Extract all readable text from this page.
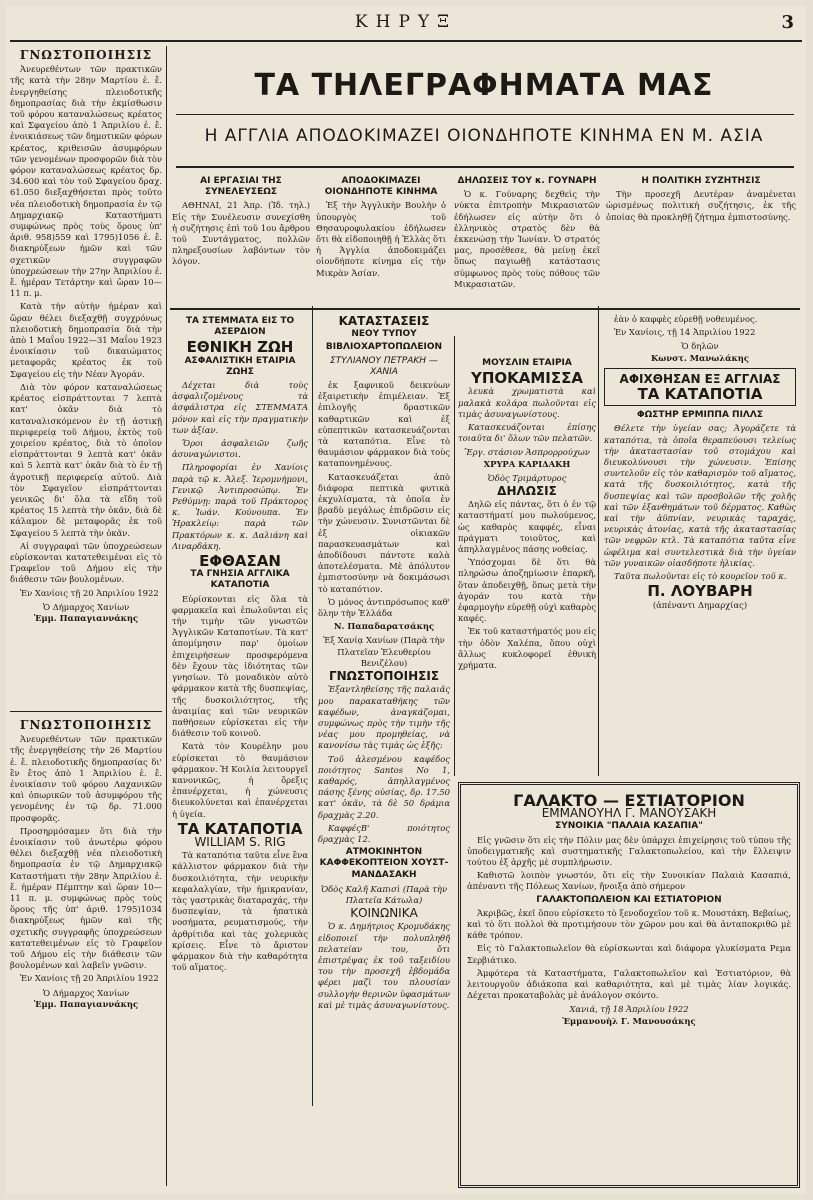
ΚΗΡΥΞ	3
ΤΑ ΤΗΛΕΓΡΑΦΗΜΑΤΑ ΜΑΣ
Η ΑΓΓΛΙΑ ΑΠΟΔΟΚΙΜΑΖΕΙ ΟΙΟΝΔΗΠΟΤΕ ΚΙΝΗΜΑ ΕΝ Μ. ΑΣΙΑ
ΑΙ ΕΡΓΑΣΙΑΙ ΤΗΣ ΣΥΝΕΛΕΥΣΕΩΣ

ΑΘΗΝΑΙ, 21 Ἀπρ. (Ἰδ. τηλ.) Εἰς τὴν Συνέλευσιν συνεχίσθη ἡ συζήτησις ἐπὶ τοῦ 1ου ἄρθρου τοῦ Συντάγματος, πολλῶν πληρεξουσίων λαβόντων τὸν λόγον.

ΑΠΟΔΟΚΙΜΑΖΕΙ ΟΙΟΝΔΗΠΟΤΕ ΚΙΝΗΜΑ

Ἐξ τὴν Ἀγγλικὴν Βουλὴν ὁ ὑπουργὸς τοῦ Θησαυροφυλακίου ἐδήλωσεν ὅτι θὰ εἰδοποιηθῇ ἡ Ἑλλὰς ὅτι ἡ Ἀγγλία ἀποδοκιμάζει οἱονδήποτε κίνημα εἰς τὴν Μικρὰν Ἀσίαν.

ΔΗΛΩΣΕΙΣ ΤΟΥ κ. ΓΟΥΝΑΡΗ

Ὁ κ. Γούναρης δεχθεὶς τὴν νύκτα ἐπιτροπὴν Μικρασιατῶν ἐδήλωσεν εἰς αὐτὴν ὅτι ὁ ἑλληνικὸς στρατὸς δὲν θὰ ἐκκενώσῃ τὴν Ἰωνίαν. Ὁ στρατός μας, προσέθεσε, θὰ μείνῃ ἐκεῖ ὅπως παγιωθῇ κατάστασις σύμφωνος πρὸς τοὺς πόθους τῶν Μικρασιατῶν.

Η ΠΟΛΙΤΙΚΗ ΣΥΖΗΤΗΣΙΣ

Τὴν προσεχῆ Δευτέραν ἀναμένεται ὡρισμένως πολιτικὴ συζήτησις, ἐκ τῆς ὁποίας θὰ προκληθῇ ζήτημα ἐμπιστοσύνης.

ΓΝΩΣΤΟΠΟΙΗΣΙΣ

Ἀνευρεθέντων τῶν πρακτικῶν τῆς κατὰ τὴν 28ην Μαρτίου ἐ. ἔ. ἐνεργηθείσης πλειοδοτικῆς δημοπρασίας διὰ τὴν ἐκμίσθωσιν τοῦ φόρου καταναλώσεως κρέατος καὶ Σφαγείου ἀπὸ 1 Ἀπριλίου ἐ. ἔ. ἐνοικιάσεως τῶν δημοτικῶν φόρων κρέατος, κριθεισῶν ἀσυμφόρων τῶν γενομένων προσφορῶν διὰ τὸν φόρον καταναλώσεως κρέατος δρ. 34.600 καὶ τὸν τοῦ Σφαγείου δραχ. 61.050 διεξαχθήσεται πρὸς τοῦτο νέα πλειοδοτικὴ δημοπρασία ἐν τῷ Δημαρχιακῷ Καταστήματι συμφώνως πρὸς τοὺς ὅρους ὑπ' ἀριθ. 958)559 καὶ 1795)1056 ἐ. ἔ. διακηρύξεων ἡμῶν καὶ τῶν σχετικῶν συγγραφῶν ὑποχρεώσεων τὴν 27ην Ἀπριλίου ἐ. ἔ. ἡμέραν Τετάρτην καὶ ὥραν 10—11 π. μ.

Κατὰ τὴν αὐτὴν ἡμέραν καὶ ὥραν θέλει διεξαχθῇ συγχρόνως πλειοδοτικὴ δημοπρασία διὰ τὴν ἀπὸ 1 Μαΐου 1922—31 Μαΐου 1923 ἐνοικίασιν τοῦ δικαιώματος μεταφορᾶς κρέατος ἐκ τοῦ Σφαγείου εἰς τὴν Νέαν Ἀγοράν.

Διὰ τὸν φόρον καταναλώσεως κρέατος εἰσπράττονται 7 λεπτὰ κατ' ὀκᾶν διὰ τὸ καταναλισκόμενον ἐν τῇ ἀστικῇ περιφερείᾳ τοῦ Δήμου, ἐκτὸς τοῦ χοιρείου κρέατος, διὰ τὸ ὁποῖον εἰσπράττονται 9 λεπτὰ κατ' ὀκᾶν καὶ 5 λεπτὰ κατ' ὀκᾶν διὰ τὸ ἐν τῇ ἀγροτικῇ περιφερείᾳ αὐτοῦ. Διὰ τὸν Σφαγεῖον εἰσπράττονται γενικῶς δι' ὅλα τὰ εἴδη τοῦ κρέατος 15 λεπτὰ τὴν ὀκᾶν, διὰ δὲ κάλαμον δὲ μεταφορᾶς ἐκ τοῦ Σφαγείου 5 λεπτὰ τὴν ὀκᾶν.

Αἱ συγγραφαὶ τῶν ὑποχρεώσεων εὑρίσκονται κατατεθειμέναι εἰς τὸ Γραφεῖον τοῦ Δήμου εἰς τὴν διάθεσιν τῶν βουλομένων.

Ἐν Χανίοις τῇ 20 Ἀπριλίου 1922

Ὁ Δήμαρχος Χανίων
Ἐμμ. Παπαγιαννάκης
ΓΝΩΣΤΟΠΟΙΗΣΙΣ

Ἀνευρεθέντων τῶν πρακτικῶν τῆς ἐνεργηθείσης τὴν 26 Μαρτίου ἐ. ἔ. πλειοδοτικῆς δημοπρασίας δι' ἓν ἔτος ἀπὸ 1 Ἀπριλίου ἐ. ἔ. ἐνοικίασιν τοῦ φόρου Λαχανικῶν καὶ ὀπωρικῶν τοῦ ἀσυμφόρου τῆς γενομένης ἐν τῷ δρ. 71.000 προσφορᾶς.

Προσηρμόσαμεν ὅτι διὰ τὴν ἐνοικίασιν τοῦ ἀνωτέρω φόρου θέλει διεξαχθῇ νέα πλειοδοτικὴ δημοπρασία ἐν τῷ Δημαρχιακῷ Καταστήματι τὴν 28ην Ἀπριλίου ἐ. ἔ. ἡμέραν Πέμπτην καὶ ὥραν 10—11 π. μ. συμφώνως πρὸς τοὺς ὅρους τῆς ὑπ' ἀριθ. 1795)1034 διακηρύξεως ἡμῶν καὶ τῆς σχετικῆς συγγραφῆς ὑποχρεώσεων κατατεθειμένων εἰς τὸ Γραφεῖον τοῦ Δήμου εἰς τὴν διάθεσιν τῶν βουλομένων καὶ λαβεῖν γνῶσιν.

Ἐν Χανίοις τῇ 20 Ἀπριλίου 1922

Ὁ Δήμαρχος Χανίων
Ἐμμ. Παπαγιαννάκης
ΤΑ ΣΤΕΜΜΑΤΑ ΕΙΣ ΤΟ ΑΣΕΡΔΙΟΝ
ΕΘΝΙΚΗ ΖΩΗ
ΑΣΦΑΛΙΣΤΙΚΗ ΕΤΑΙΡΙΑ ΖΩΗΣ

Δέχεται διὰ τοὺς ἀσφαλιζομένους τὰ ἀσφάλιστρα εἰς ΣΤΕΜΜΑΤΑ μόνον καὶ εἰς τὴν πραγματικὴν των ἀξίαν.

Ὅροι ἀσφαλειῶν ζωῆς ἀσυναγώνιστοι.

Πληροφορίαι ἐν Χανίοις παρὰ τῷ κ. Ἀλεξ. Ἱερομνήμονι, Γενικῷ Ἀντιπροσώπῳ. Ἐν Ρεθύμνῃ: παρὰ τοῦ Πράκτορος κ. Ἰωάν. Κούνουπα. Ἐν Ἡρακλείῳ: παρὰ τῶν Πρακτόρων κ. κ. Δαλιάνη καὶ Λιναρδάκη.

ΕΦΘΑΣΑΝ
ΤΑ ΓΝΗΣΙΑ ΑΓΓΛΙΚΑ ΚΑΤΑΠΟΤΙΑ

Εὑρίσκονται εἰς ὅλα τὰ φαρμακεῖα καὶ ἐπωλοῦνται εἰς τὴν τιμὴν τῶν γνωστῶν Ἀγγλικῶν Καταποτίων. Τὰ κατ' ἀπομίμησιν παρ' ὁμοίων ἐπιχειρήσεων προσφερόμενα δὲν ἔχουν τὰς ἰδιότητας τῶν γνησίων. Τὸ μοναδικὸν αὐτὸ φάρμακον κατὰ τῆς δυσπεψίας, τῆς δυσκοιλιότητος, τῆς ἀναιμίας καὶ τῶν νευρικῶν παθήσεων εὑρίσκεται εἰς τὴν διάθεσιν τοῦ κοινοῦ.

Κατὰ τὸν Κουρέλην μου εὑρίσκεται τὸ θαυμάσιον φάρμακον. Ἡ Κοιλία λειτουργεῖ κανονικῶς, ἡ ὄρεξις ἐπανέρχεται, ἡ χώνευσις διευκολύνεται καὶ ἐπανέρχεται ἡ ὑγεία.

ΤΑ ΚΑΤΑΠΟΤΙΑ
WILLIAM S. RIG

Τὰ καταπότια ταῦτα εἶνε ἓνα κάλλιστον φάρμακον διὰ τὴν δυσκοιλιότητα, τὴν νευρικὴν κεφαλαλγίαν, τὴν ἡμικρανίαν, τὰς γαστρικὰς διαταραχάς, τὴν δυσπεψίαν, τὰ ἡπατικὰ νοσήματα, ρευματισμούς, τὴν ἀρθρίτιδα καὶ τὰς χολερικὰς κρίσεις. Εἶνε τὸ ἄριστον φάρμακον διὰ τὴν καθαρότητα τοῦ αἵματος.

ΚΑΤΑΣΤΑΣΕΙΣ
ΝΕΟΥ ΤΥΠΟΥ
ΒΙΒΛΙΟΧΑΡΤΟΠΩΛΕΙΟΝ
ΣΤΥΛΙΑΝΟΥ ΠΕΤΡΑΚΗ — ΧΑΝΙΑ

ἐκ ξαφνικοῦ δεικνύων ἐξαιρετικὴν ἐπιμέλειαν. Ἐξ ἐπιλογῆς δραστικῶν καθαρτικῶν καὶ ἐξ εὐπεπτικῶν κατασκευάζονται τὰ καταπότια. Εἶνε τὸ θαυμάσιον φάρμακον διὰ τοὺς καταπονημένους.

Κατασκευάζεται ἀπὸ διάφορα πεπτικὰ φυτικὰ ἐκχυλίσματα, τὰ ὁποῖα ἐν βραδὺ μεγάλως ἐπιδρῶσιν εἰς τὴν χώνευσιν. Συνιστῶνται δὲ ἐξ οἰκιακῶν παρασκευασμάτων καὶ ἀποδίδουσι πάντοτε καλὰ ἀποτελέσματα. Μὲ ἀπόλυτον ἐμπιστοσύνην νὰ δοκιμάσωσι τὸ καταπότιον.

Ὁ μόνος ἀντιπρόσωπος καθ' ὅλην τὴν Ἑλλάδα

Ν. Παπαδαρατσάκης
Ἐξ Χανίᾳ Χανίων (Παρὰ τὴν Πλατεῖαν Ἐλευθερίου Βενιζέλου)
ΓΝΩΣΤΟΠΟΙΗΣΙΣ

Ἐξαντληθείσης τῆς παλαιᾶς μου παρακαταθήκης τῶν καφέδων, ἀναγκάζομαι, συμφώνως πρὸς τὴν τιμὴν τῆς νέας μου προμηθείας, νὰ κανονίσω τὰς τιμὰς ὡς ἑξῆς:

Τοῦ ἀλεσμένου καφέδος ποιότητος Santos No 1, καθαρός, ἀπηλλαγμένος πάσης ξένης οὐσίας, δρ. 17.50 κατ' ὀκᾶν, τὰ δὲ 50 δράμια δραχμὰς 2.20.

ΚαφφέςΒ' ποιότητος δραχμὰς 12.

ΑΤΜΟΚΙΝΗΤΟΝ ΚΑΦΦΕΚΟΠΤΕΙΟΝ ΧΟΥΣΤ-ΜΑΝΔΑΣΑΚΗ
Ὁδὸς Καλῆ Καπισὶ (Παρὰ τὴν Πλατεῖα Κάτωλα)
ΚΟΙΝΩΝΙΚΑ

Ὁ κ. Δημήτριος Κρομυδάκης εἰδοποιεῖ τὴν πολυπληθῆ πελατείαν του, ὅτι ἐπιστρέψας ἐκ τοῦ ταξειδίου του τὴν προσεχῆ ἑβδομάδα φέρει μαζὶ του πλουσίαν συλλογὴν θερινῶν ὑφασμάτων καὶ μὲ τιμὰς ἀσυναγωνίστους.

ΜΟΥΣΛΙΝ ΕΤΑΙΡΙΑ
ΥΠΟΚΑΜΙΣΣΑ

λευκὰ χρωματιστὰ καὶ μαλακὰ κολάρα πωλοῦνται εἰς τιμὰς ἀσυναγωνίστους.

Κατασκευάζονται ἐπίσης τοιαῦτα δι' ὅλων τῶν πελατῶν.

Ἔργ. στάσιον Ἀσπρορρούχων
ΧΡΥΡΑ ΚΑΡΙΔΑΚΗ
Ὁδὸς Τριμάρτυρος
ΔΗΛΩΣΙΣ

Δηλῶ εἰς πάντας, ὅτι ὁ ἐν τῷ καταστήματί μου πωλούμενος, ὡς καθαρὸς καφφές, εἶναι πράγματι τοιοῦτος, καὶ ἀπηλλαγμένος πάσης νοθείας.

Ὑπόσχομαι δὲ ὅτι θὰ πληρώσω ἀποζημίωσιν ἐπαρκῆ, ὅταν ἀποδειχθῇ, ὅπως μετὰ τὴν ἀγοράν του κατὰ τὴν ἐφαρμογὴν εὑρεθῇ οὐχὶ καθαρὸς καφές.

Ἐκ τοῦ καταστήματός μου εἰς τὴν ὁδὸν Χαλέπα, ὅπου οὐχὶ ἄλλως κυκλοφορεῖ ἐθνικὴ χρήματα.

ἐὰν ὁ καφφὲς εὑρεθῇ νοθευμένος.

Ἐν Χανίοις, τῇ 14 Ἀπριλίου 1922

Ὁ δηλῶν
Κωνστ. Μανωλάκης
ΑΦΙΧΘΗΣΑΝ ΕΞ ΑΓΓΛΙΑΣ
ΤΑ ΚΑΤΑΠΟΤΙΑ
ΦΩΣΤΗΡ ΕΡΜΙΠΠΑ ΠΙΛΛΣ

Θέλετε τὴν ὑγείαν σας; Ἀγοράζετε τὰ καταπότια, τὰ ὁποῖα θεραπεύουσι τελείως τὴν ἀκαταστασίαν τοῦ στομάχου καὶ διευκολύνουσι τὴν χώνευσιν. Ἐπίσης συντελοῦν εἰς τὸν καθαρισμὸν τοῦ αἵματος, κατὰ τῆς δυσκοιλιότητος, κατὰ τῆς δυσπεψίας καὶ τῶν προσβολῶν τῆς χολῆς καὶ τῶν ἐξανθημάτων τοῦ δέρματος. Καθὼς καὶ τὴν ἀϋπνίαν, νευρικὰς ταραχάς, νευρικὰς ἀτονίας, κατὰ τῆς ἀκαταστασίας τῶν νεφρῶν κτλ. Τὰ καταπότια ταῦτα εἶνε ὠφέλιμα καὶ συντελεστικὰ διὰ τὴν ὑγείαν τῶν γυναικῶν οἱασδήποτε ἡλικίας.

Ταῦτα πωλοῦνται εἰς τὸ κουρεῖον τοῦ κ.

Π. ΛΟΥΒΑΡΗ
(ἀπέναντι Δημαρχίας)
ΓΑΛΑΚΤΟ — ΕΣΤΙΑΤΟΡΙΟΝ
ΕΜΜΑΝΟΥΗΛ Γ. ΜΑΝΟΥΣΑΚΗ
ΣΥΝΟΙΚΙΑ "ΠΑΛΑΙΑ ΚΑΣΑΠΙΑ"

Εἰς γνῶσιν ὅτι εἰς τὴν Πόλιν μας δὲν ὑπάρχει ἐπιχείρησις τοῦ τύπου τῆς ὑποδειγματικῆς καὶ συστηματικῆς Γαλακτοπωλείου, καὶ τὴν ἔλλειψιν τούτου ἐξ ἀρχῆς μὲ συμπλήρωσιν.

Καθιστῶ λοιπὸν γνωστόν, ὅτι εἰς τὴν Συνοικίαν Παλαιὰ Κασαπιά, ἀπέναντι τῆς Πόλεως Χανίων, ἤνοιξα ἀπὸ σήμερον

ΓΑΛΑΚΤΟΠΩΛΕΙΟΝ ΚΑΙ ΕΣΤΙΑΤΟΡΙΟΝ

Ἀκριβῶς, ἐκεῖ ὅπου εὑρίσκετο τὸ ξενοδοχεῖον τοῦ κ. Μουστάκη. Βεβαίως, καὶ τὸ ὅτι πολλοὶ θὰ προτιμήσουν τὸν χῶρον μου καὶ θὰ ἀνταποκριθῶ μὲ κάθε τρόπον.

Εἰς τὸ Γαλακτοπωλεῖον θὰ εὑρίσκωνται καὶ διάφορα γλυκίσματα Ρεμα Σερβιάτικο.

Ἀμφότερα τὰ Καταστήματα, Γαλακτοπωλεῖον καὶ Ἐστιατόριον, θὰ λειτουργοῦν ἀδιάκοπα καὶ καθαριότητα, καὶ μὲ τιμὰς λίαν λογικάς. Δέχεται προκαταβολὰς μὲ ἀνάλογον σκόντο.

Χανιά, τῇ 18 Ἀπριλίου 1922
Ἐμμανουὴλ Γ. Μανουσάκης
